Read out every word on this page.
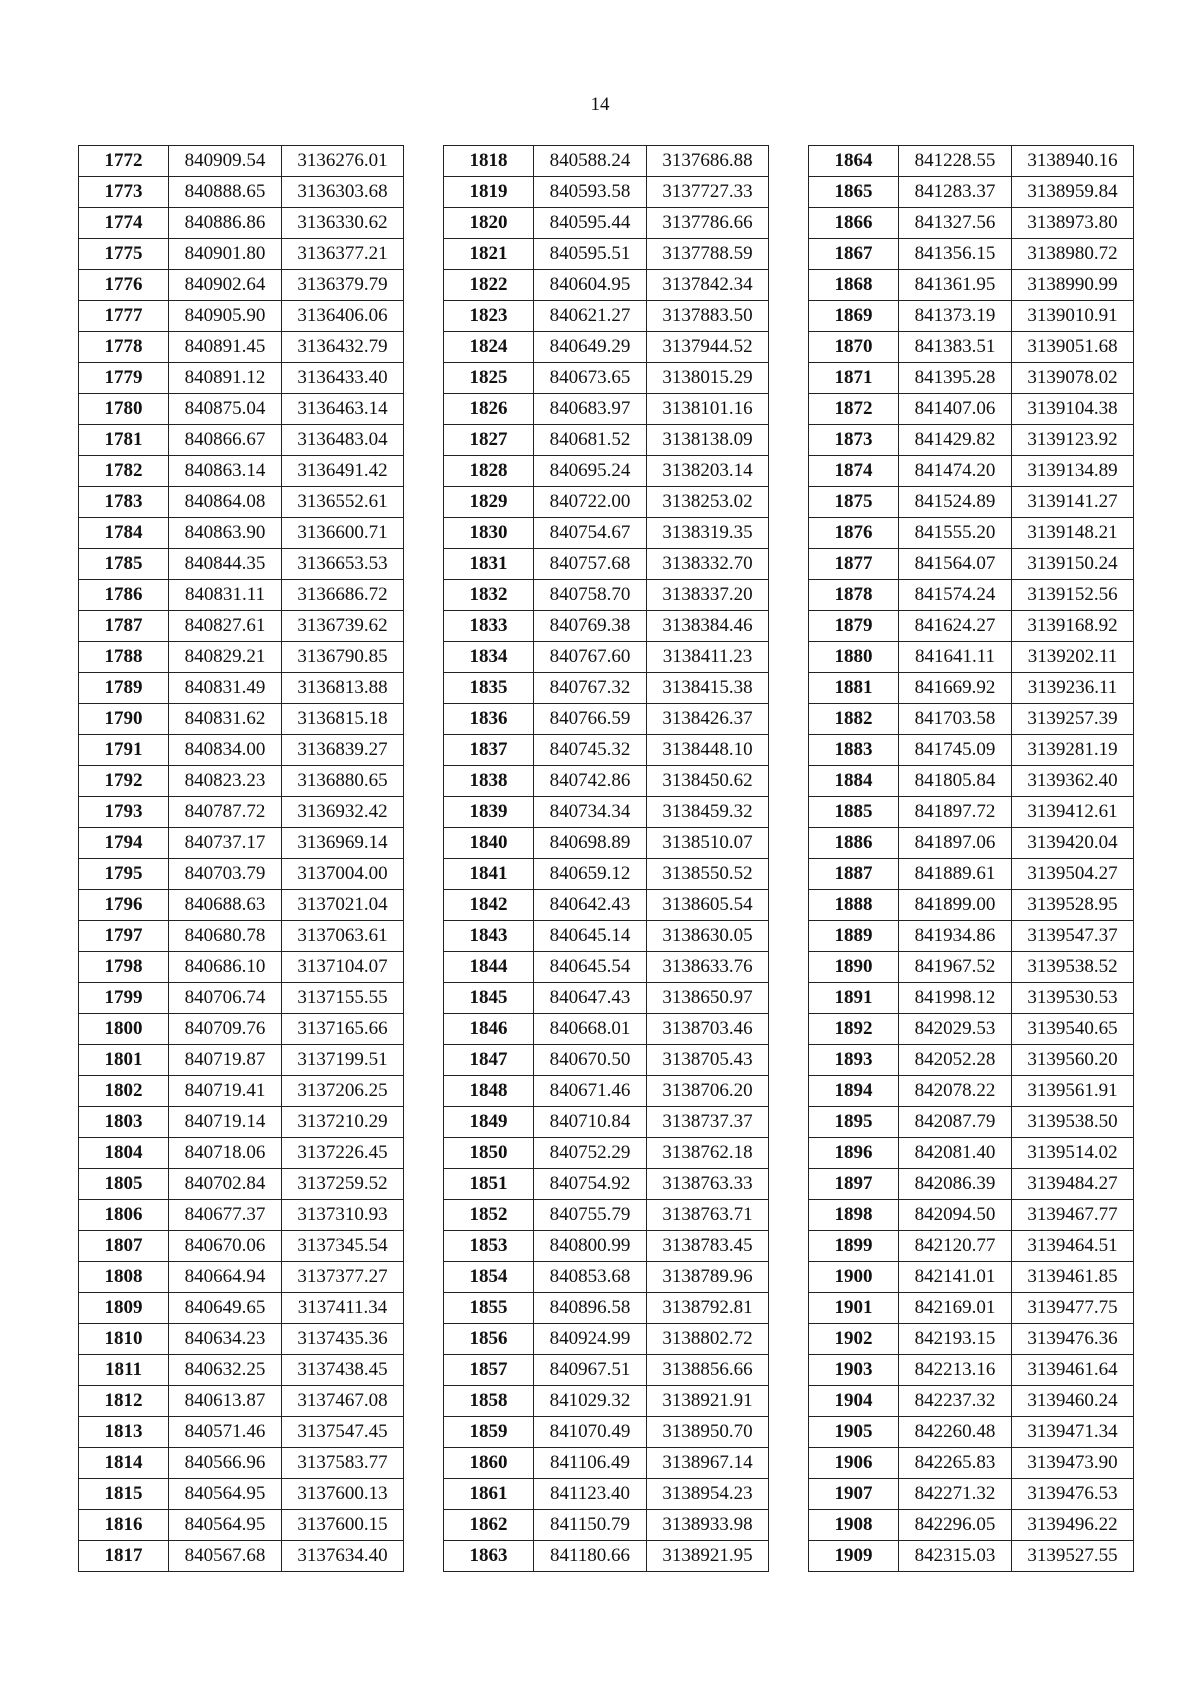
14
1772	840909.54	3136276.01
1773	840888.65	3136303.68
1774	840886.86	3136330.62
1775	840901.80	3136377.21
1776	840902.64	3136379.79
1777	840905.90	3136406.06
1778	840891.45	3136432.79
1779	840891.12	3136433.40
1780	840875.04	3136463.14
1781	840866.67	3136483.04
1782	840863.14	3136491.42
1783	840864.08	3136552.61
1784	840863.90	3136600.71
1785	840844.35	3136653.53
1786	840831.11	3136686.72
1787	840827.61	3136739.62
1788	840829.21	3136790.85
1789	840831.49	3136813.88
1790	840831.62	3136815.18
1791	840834.00	3136839.27
1792	840823.23	3136880.65
1793	840787.72	3136932.42
1794	840737.17	3136969.14
1795	840703.79	3137004.00
1796	840688.63	3137021.04
1797	840680.78	3137063.61
1798	840686.10	3137104.07
1799	840706.74	3137155.55
1800	840709.76	3137165.66
1801	840719.87	3137199.51
1802	840719.41	3137206.25
1803	840719.14	3137210.29
1804	840718.06	3137226.45
1805	840702.84	3137259.52
1806	840677.37	3137310.93
1807	840670.06	3137345.54
1808	840664.94	3137377.27
1809	840649.65	3137411.34
1810	840634.23	3137435.36
1811	840632.25	3137438.45
1812	840613.87	3137467.08
1813	840571.46	3137547.45
1814	840566.96	3137583.77
1815	840564.95	3137600.13
1816	840564.95	3137600.15
1817	840567.68	3137634.40
1818	840588.24	3137686.88
1819	840593.58	3137727.33
1820	840595.44	3137786.66
1821	840595.51	3137788.59
1822	840604.95	3137842.34
1823	840621.27	3137883.50
1824	840649.29	3137944.52
1825	840673.65	3138015.29
1826	840683.97	3138101.16
1827	840681.52	3138138.09
1828	840695.24	3138203.14
1829	840722.00	3138253.02
1830	840754.67	3138319.35
1831	840757.68	3138332.70
1832	840758.70	3138337.20
1833	840769.38	3138384.46
1834	840767.60	3138411.23
1835	840767.32	3138415.38
1836	840766.59	3138426.37
1837	840745.32	3138448.10
1838	840742.86	3138450.62
1839	840734.34	3138459.32
1840	840698.89	3138510.07
1841	840659.12	3138550.52
1842	840642.43	3138605.54
1843	840645.14	3138630.05
1844	840645.54	3138633.76
1845	840647.43	3138650.97
1846	840668.01	3138703.46
1847	840670.50	3138705.43
1848	840671.46	3138706.20
1849	840710.84	3138737.37
1850	840752.29	3138762.18
1851	840754.92	3138763.33
1852	840755.79	3138763.71
1853	840800.99	3138783.45
1854	840853.68	3138789.96
1855	840896.58	3138792.81
1856	840924.99	3138802.72
1857	840967.51	3138856.66
1858	841029.32	3138921.91
1859	841070.49	3138950.70
1860	841106.49	3138967.14
1861	841123.40	3138954.23
1862	841150.79	3138933.98
1863	841180.66	3138921.95
1864	841228.55	3138940.16
1865	841283.37	3138959.84
1866	841327.56	3138973.80
1867	841356.15	3138980.72
1868	841361.95	3138990.99
1869	841373.19	3139010.91
1870	841383.51	3139051.68
1871	841395.28	3139078.02
1872	841407.06	3139104.38
1873	841429.82	3139123.92
1874	841474.20	3139134.89
1875	841524.89	3139141.27
1876	841555.20	3139148.21
1877	841564.07	3139150.24
1878	841574.24	3139152.56
1879	841624.27	3139168.92
1880	841641.11	3139202.11
1881	841669.92	3139236.11
1882	841703.58	3139257.39
1883	841745.09	3139281.19
1884	841805.84	3139362.40
1885	841897.72	3139412.61
1886	841897.06	3139420.04
1887	841889.61	3139504.27
1888	841899.00	3139528.95
1889	841934.86	3139547.37
1890	841967.52	3139538.52
1891	841998.12	3139530.53
1892	842029.53	3139540.65
1893	842052.28	3139560.20
1894	842078.22	3139561.91
1895	842087.79	3139538.50
1896	842081.40	3139514.02
1897	842086.39	3139484.27
1898	842094.50	3139467.77
1899	842120.77	3139464.51
1900	842141.01	3139461.85
1901	842169.01	3139477.75
1902	842193.15	3139476.36
1903	842213.16	3139461.64
1904	842237.32	3139460.24
1905	842260.48	3139471.34
1906	842265.83	3139473.90
1907	842271.32	3139476.53
1908	842296.05	3139496.22
1909	842315.03	3139527.55
